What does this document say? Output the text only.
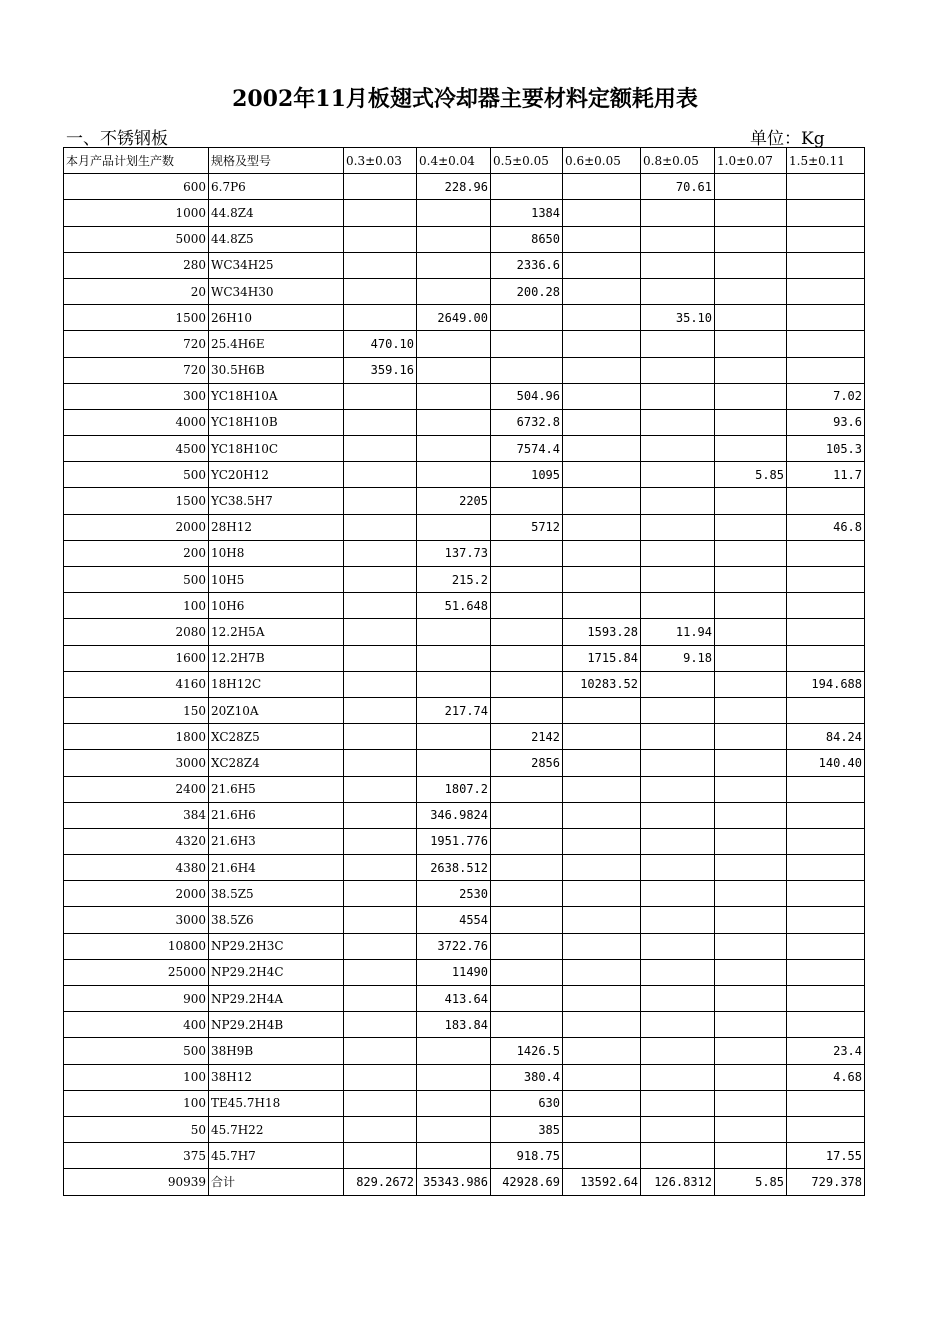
2002年11月板翅式冷却器主要材料定额耗用表
一、不锈钢板	单位：Kg
本月产品计划生产数	规格及型号	0.3±0.03	0.4±0.04	0.5±0.05	0.6±0.05	0.8±0.05	1.0±0.07	1.5±0.11
600	6.7P6		228.96			70.61		
1000	44.8Z4			1384				
5000	44.8Z5			8650				
280	WC34H25			2336.6				
20	WC34H30			200.28				
1500	26H10		2649.00			35.10		
720	25.4H6E	470.10						
720	30.5H6B	359.16						
300	YC18H10A			504.96				7.02
4000	YC18H10B			6732.8				93.6
4500	YC18H10C			7574.4				105.3
500	YC20H12			1095			5.85	11.7
1500	YC38.5H7		2205					
2000	28H12			5712				46.8
200	10H8		137.73					
500	10H5		215.2					
100	10H6		51.648					
2080	12.2H5A				1593.28	11.94		
1600	12.2H7B				1715.84	9.18		
4160	18H12C				10283.52			194.688
150	20Z10A		217.74					
1800	XC28Z5			2142				84.24
3000	XC28Z4			2856				140.40
2400	21.6H5		1807.2					
384	21.6H6		346.9824					
4320	21.6H3		1951.776					
4380	21.6H4		2638.512					
2000	38.5Z5		2530					
3000	38.5Z6		4554					
10800	NP29.2H3C		3722.76					
25000	NP29.2H4C		11490					
900	NP29.2H4A		413.64					
400	NP29.2H4B		183.84					
500	38H9B			1426.5				23.4
100	38H12			380.4				4.68
100	TE45.7H18			630				
50	45.7H22			385				
375	45.7H7			918.75				17.55
90939	合计	829.2672	35343.986	42928.69	13592.64	126.8312	5.85	729.378
